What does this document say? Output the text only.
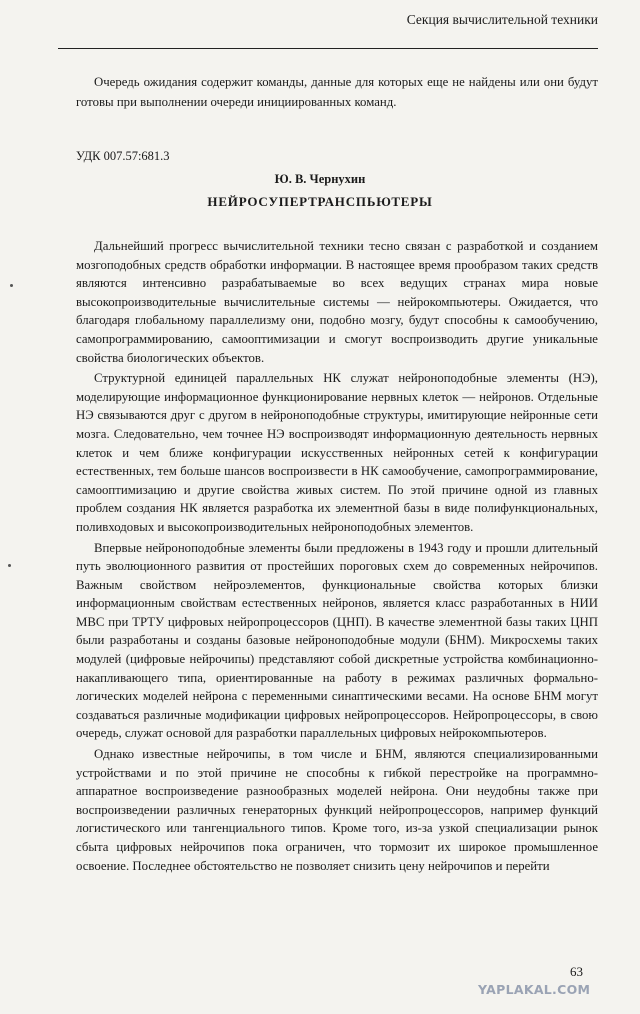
Секция вычислительной техники
Очередь ожидания содержит команды, данные для которых еще не найдены или они будут готовы при выполнении очереди инициированных команд.
УДК 007.57:681.3
Ю. В. Чернухин
НЕЙРОСУПЕРТРАНСПЬЮТЕРЫ

Дальнейший прогресс вычислительной техники тесно связан с разработкой и созданием мозгоподобных средств обработки информации. В настоящее время прообразом таких средств являются интенсивно разрабатываемые во всех ведущих странах мира новые высокопроизводительные вычислительные системы — нейрокомпьютеры. Ожидается, что благодаря глобальному параллелизму они, подобно мозгу, будут способны к самообучению, самопрограммированию, самооптимизации и смогут воспроизводить другие уникальные свойства биологических объектов.

Структурной единицей параллельных НК служат нейроноподобные элементы (НЭ), моделирующие информационное функционирование нервных клеток — нейронов. Отдельные НЭ связываются друг с другом в нейроноподобные структуры, имитирующие нейронные сети мозга. Следовательно, чем точнее НЭ воспроизводят информационную деятельность нервных клеток и чем ближе конфигурации искусственных нейронных сетей к конфигурации естественных, тем больше шансов воспроизвести в НК самообучение, самопрограммирование, самооптимизацию и другие свойства живых систем. По этой причине одной из главных проблем создания НК является разработка их элементной базы в виде полифункциональных, поливходовых и высокопроизводительных нейроноподобных элементов.

Впервые нейроноподобные элементы были предложены в 1943 году и прошли длительный путь эволюционного развития от простейших пороговых схем до современных нейрочипов. Важным свойством нейроэлементов, функциональные свойства которых близки информационным свойствам естественных нейронов, является класс разработанных в НИИ МВС при ТРТУ цифровых нейропроцессоров (ЦНП). В качестве элементной базы таких ЦНП были разработаны и созданы базовые нейроноподобные модули (БНМ). Микросхемы таких модулей (цифровые нейрочипы) представляют собой дискретные устройства комбинационно-накапливающего типа, ориентированные на работу в режимах различных формально-логических моделей нейрона с переменными синаптическими весами. На основе БНМ могут создаваться различные модификации цифровых нейропроцессоров. Нейропроцессоры, в свою очередь, служат основой для разработки параллельных цифровых нейрокомпьютеров.

Однако известные нейрочипы, в том числе и БНМ, являются специализированными устройствами и по этой причине не способны к гибкой перестройке на программно-аппаратное воспроизведение разнообразных моделей нейрона. Они неудобны также при воспроизведении различных генераторных функций нейропроцессоров, например функций логистического или тангенциального типов. Кроме того, из-за узкой специализации рынок сбыта цифровых нейрочипов пока ограничен, что тормозит их широкое промышленное освоение. Последнее обстоятельство не позволяет снизить цену нейрочипов и перейти

63
YAPLAKAL.COM
